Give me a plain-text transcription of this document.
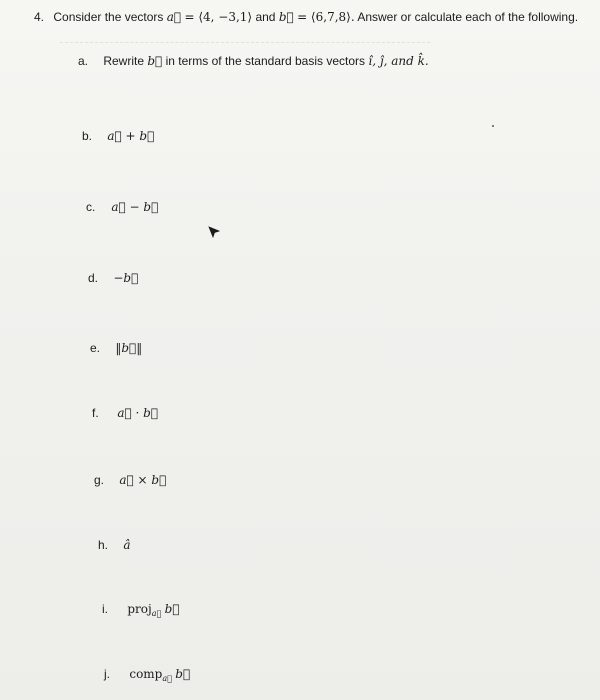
4. Consider the vectors a⃗ = ⟨4, −3,1⟩ and b⃗ = ⟨6,7,8⟩. Answer or calculate each of the following.
a. Rewrite b⃗ in terms of the standard basis vectors ı̂, ȷ̂, and k̂.
b. a⃗ + b⃗
c. a⃗ − b⃗
d. −b⃗
e. ‖b⃗‖
f. a⃗ · b⃗
g. a⃗ × b⃗
h. â
i. proj$_{a⃗}$ b⃗
j. comp$_{a⃗}$ b⃗
